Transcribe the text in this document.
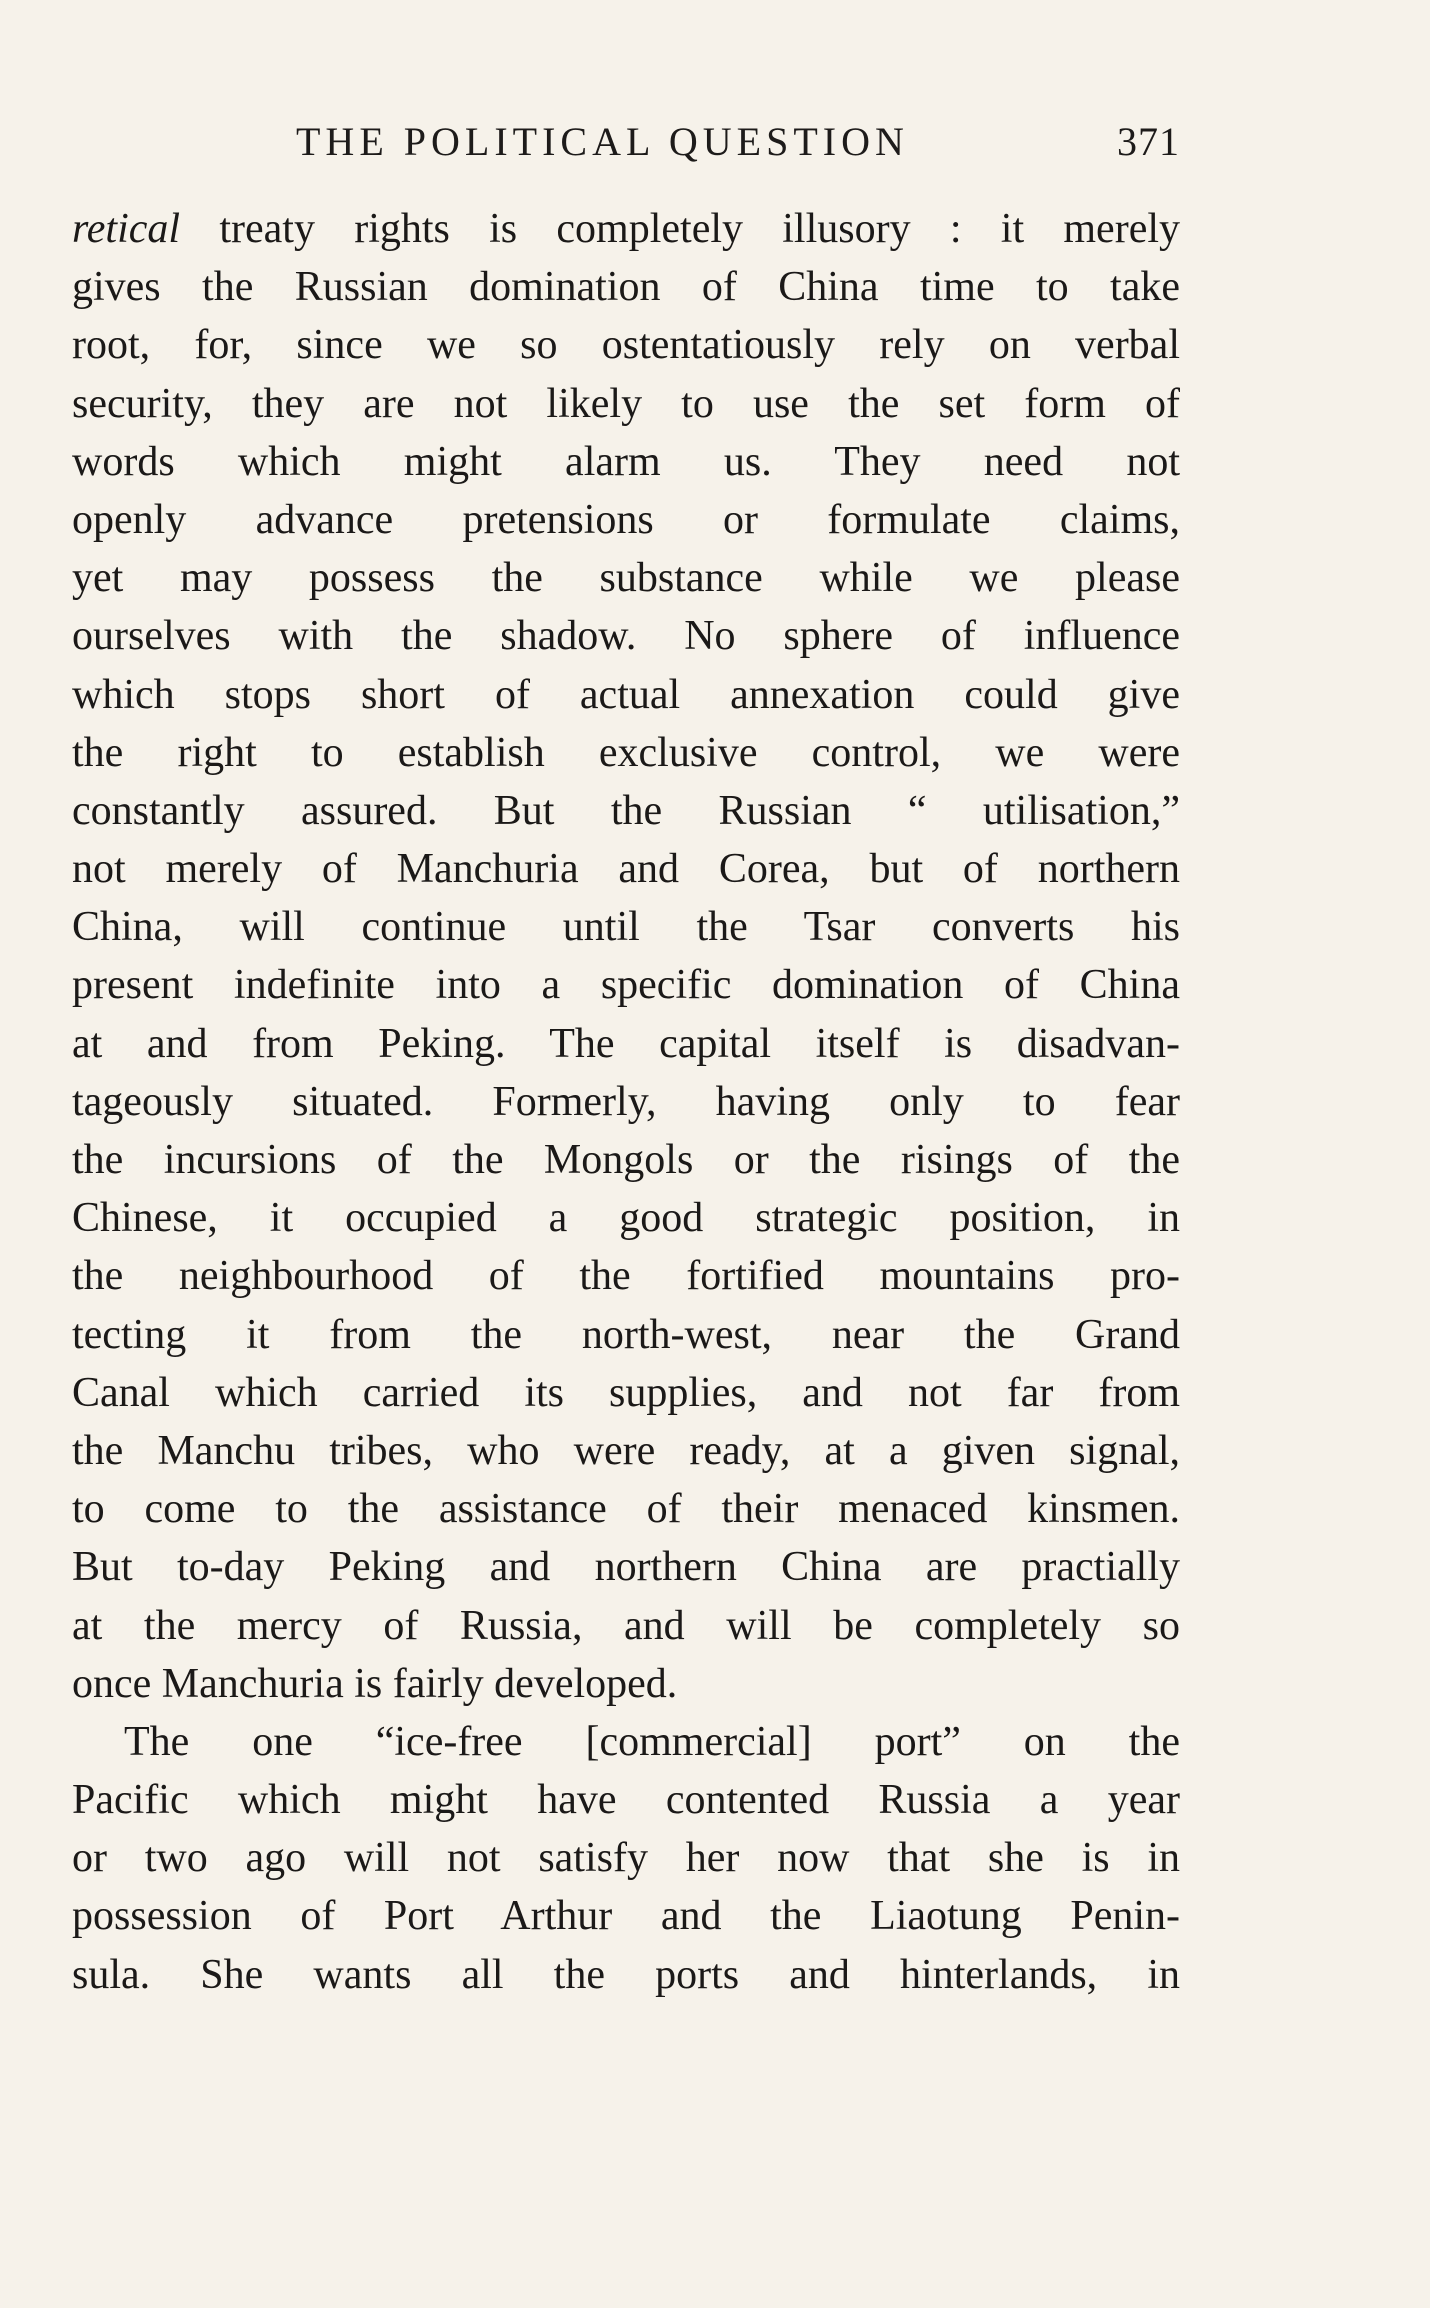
THE POLITICAL QUESTION	371
retical treaty rights is completely illusory : it merely
gives the Russian domination of China time to take
root, for, since we so ostentatiously rely on verbal
security, they are not likely to use the set form of
words which might alarm us. They need not
openly advance pretensions or formulate claims,
yet may possess the substance while we please
ourselves with the shadow. No sphere of influence
which stops short of actual annexation could give
the right to establish exclusive control, we were
constantly assured. But the Russian “ utilisation,”
not merely of Manchuria and Corea, but of northern
China, will continue until the Tsar converts his
present indefinite into a specific domination of China
at and from Peking. The capital itself is disadvan-
tageously situated. Formerly, having only to fear
the incursions of the Mongols or the risings of the
Chinese, it occupied a good strategic position, in
the neighbourhood of the fortified mountains pro-
tecting it from the north-west, near the Grand
Canal which carried its supplies, and not far from
the Manchu tribes, who were ready, at a given signal,
to come to the assistance of their menaced kinsmen.
But to-day Peking and northern China are practially
at the mercy of Russia, and will be completely so
once Manchuria is fairly developed.
The one “ice-free [commercial] port” on the
Pacific which might have contented Russia a year
or two ago will not satisfy her now that she is in
possession of Port Arthur and the Liaotung Penin-
sula. She wants all the ports and hinterlands, in
